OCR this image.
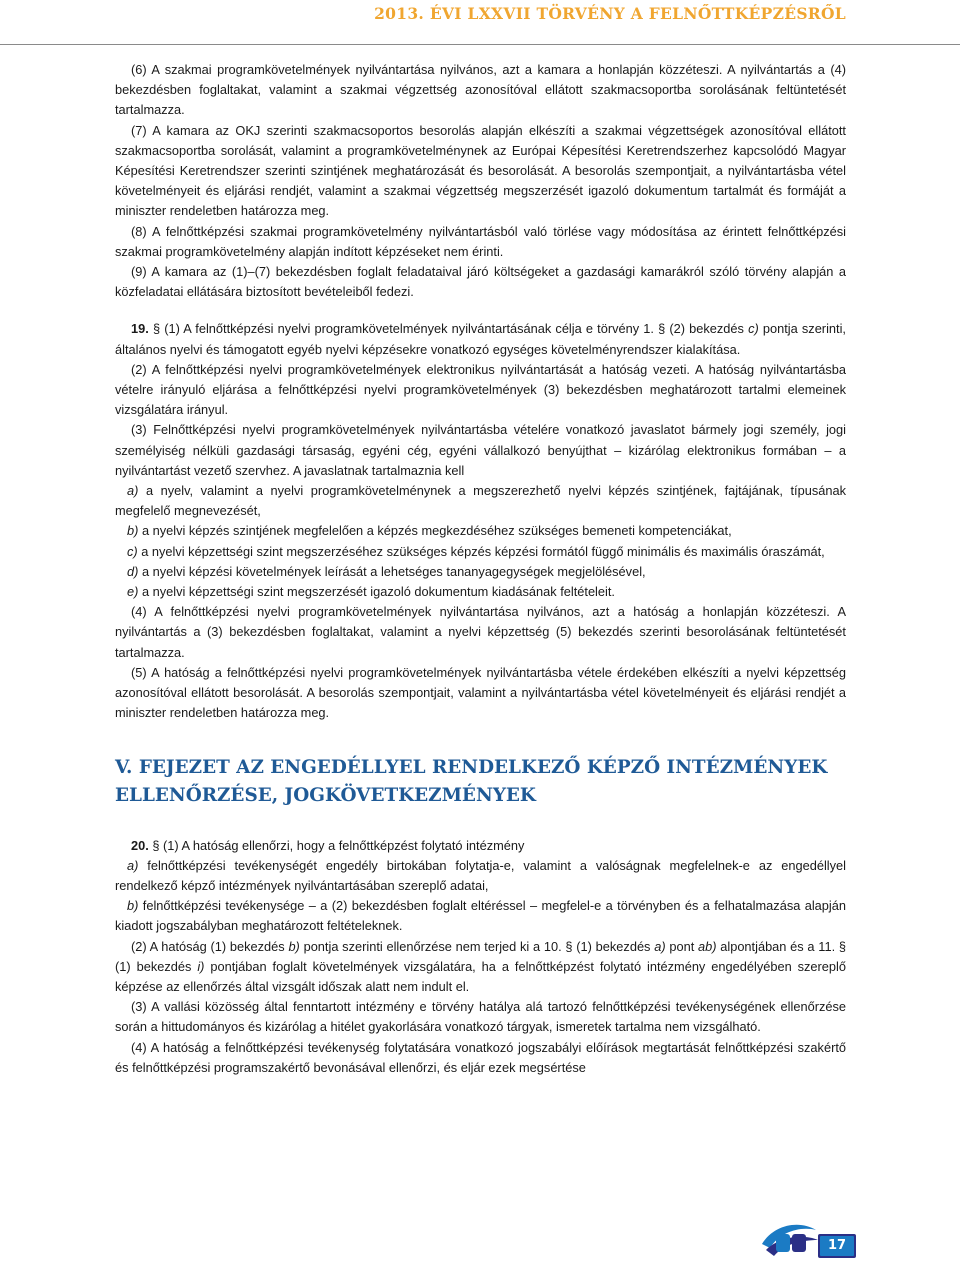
2013. ÉVI LXXVII TÖRVÉNY A FELNŐTTKÉPZÉSRŐL

(6) A szakmai programkövetelmények nyilvántartása nyilvános, azt a kamara a honlapján közzéteszi. A nyilvántartás a (4) bekezdésben foglaltakat, valamint a szakmai végzettség azonosítóval ellátott szakmacsoportba sorolásának feltüntetését tartalmazza.

(7) A kamara az OKJ szerinti szakmacsoportos besorolás alapján elkészíti a szakmai végzettségek azonosítóval ellátott szakmacsoportba sorolását, valamint a programkövetelménynek az Európai Képesítési Keretrendszerhez kapcsolódó Magyar Képesítési Keretrendszer szerinti szintjének meghatározását és besorolását. A besorolás szempontjait, a nyilvántartásba vétel követelményeit és eljárási rendjét, valamint a szakmai végzettség megszerzését igazoló dokumentum tartalmát és formáját a miniszter rendeletben határozza meg.

(8) A felnőttképzési szakmai programkövetelmény nyilvántartásból való törlése vagy módosítása az érintett felnőttképzési szakmai programkövetelmény alapján indított képzéseket nem érinti.

(9) A kamara az (1)–(7) bekezdésben foglalt feladataival járó költségeket a gazdasági kamarákról szóló törvény alapján a közfeladatai ellátására biztosított bevételeiből fedezi.

19. § (1) A felnőttképzési nyelvi programkövetelmények nyilvántartásának célja e törvény 1. § (2) bekezdés c) pontja szerinti, általános nyelvi és támogatott egyéb nyelvi képzésekre vonatkozó egységes követelményrendszer kialakítása.

(2) A felnőttképzési nyelvi programkövetelmények elektronikus nyilvántartását a hatóság vezeti. A hatóság nyilvántartásba vételre irányuló eljárása a felnőttképzési nyelvi programkövetelmények (3) bekezdésben meghatározott tartalmi elemeinek vizsgálatára irányul.

(3) Felnőttképzési nyelvi programkövetelmények nyilvántartásba vételére vonatkozó javaslatot bármely jogi személy, jogi személyiség nélküli gazdasági társaság, egyéni cég, egyéni vállalkozó benyújthat – kizárólag elektronikus formában – a nyilvántartást vezető szervhez. A javaslatnak tartalmaznia kell

a) a nyelv, valamint a nyelvi programkövetelménynek a megszerezhető nyelvi képzés szintjének, fajtájának, típusának megfelelő megnevezését,

b) a nyelvi képzés szintjének megfelelően a képzés megkezdéséhez szükséges bemeneti kompetenciákat,

c) a nyelvi képzettségi szint megszerzéséhez szükséges képzés képzési formától függő minimális és maximális óraszámát,

d) a nyelvi képzési követelmények leírását a lehetséges tananyagegységek megjelölésével,

e) a nyelvi képzettségi szint megszerzését igazoló dokumentum kiadásának feltételeit.

(4) A felnőttképzési nyelvi programkövetelmények nyilvántartása nyilvános, azt a hatóság a honlapján közzéteszi. A nyilvántartás a (3) bekezdésben foglaltakat, valamint a nyelvi képzettség (5) bekezdés szerinti besorolásának feltüntetését tartalmazza.

(5) A hatóság a felnőttképzési nyelvi programkövetelmények nyilvántartásba vétele érdekében elkészíti a nyelvi képzettség azonosítóval ellátott besorolását. A besorolás szempontjait, valamint a nyilvántartásba vétel követelményeit és eljárási rendjét a miniszter rendeletben határozza meg.

V. FEJEZET AZ ENGEDÉLLYEL RENDELKEZŐ KÉPZŐ INTÉZMÉNYEK
ELLENŐRZÉSE, JOGKÖVETKEZMÉNYEK

20. § (1) A hatóság ellenőrzi, hogy a felnőttképzést folytató intézmény

a) felnőttképzési tevékenységét engedély birtokában folytatja-e, valamint a valóságnak megfelelnek-e az engedéllyel rendelkező képző intézmények nyilvántartásában szereplő adatai,

b) felnőttképzési tevékenysége – a (2) bekezdésben foglalt eltéréssel – megfelel-e a törvényben és a felhatalmazása alapján kiadott jogszabályban meghatározott feltételeknek.

(2) A hatóság (1) bekezdés b) pontja szerinti ellenőrzése nem terjed ki a 10. § (1) bekezdés a) pont ab) alpontjában és a 11. § (1) bekezdés i) pontjában foglalt követelmények vizsgálatára, ha a felnőttképzést folytató intézmény engedélyében szereplő képzése az ellenőrzés által vizsgált időszak alatt nem indult el.

(3) A vallási közösség által fenntartott intézmény e törvény hatálya alá tartozó felnőttképzési tevékenységének ellenőrzése során a hittudományos és kizárólag a hitélet gyakorlására vonatkozó tárgyak, ismeretek tartalma nem vizsgálható.

(4) A hatóság a felnőttképzési tevékenység folytatására vonatkozó jogszabályi előírások megtartását felnőttképzési szakértő és felnőttképzési programszakértő bevonásával ellenőrzi, és eljár ezek megsértése

17
